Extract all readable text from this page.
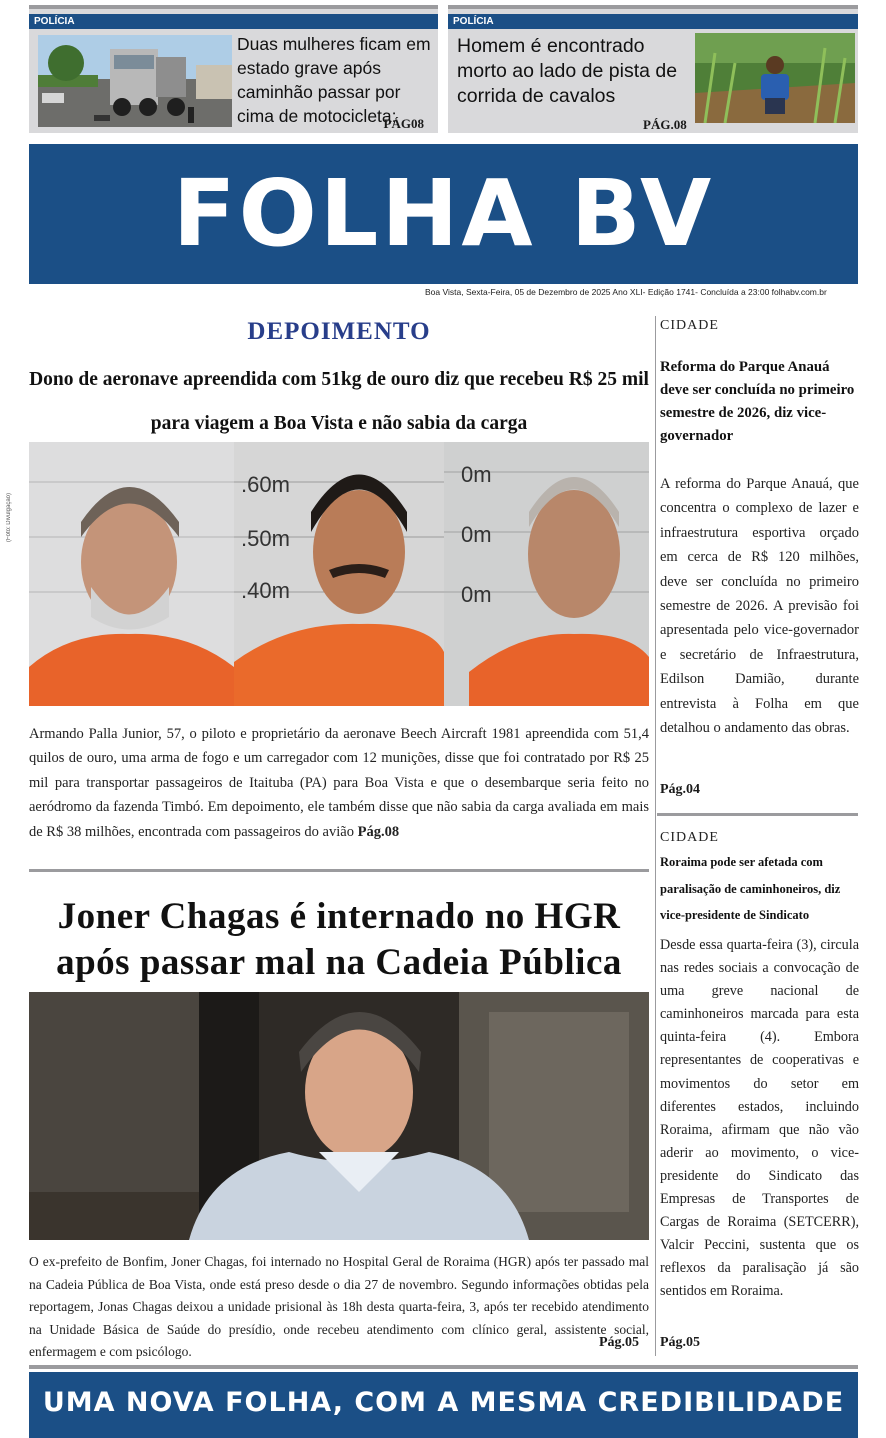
POLÍCIA
Duas mulheres ficam em estado grave após caminhão passar por cima de motocicleta;
PÁG08
POLÍCIA
Homem é encontrado morto ao lado de pista de corrida de cavalos
PÁG.08
FOLHA BV
Boa Vista, Sexta-Feira, 05 de Dezembro de 2025 Ano XLI- Edição 1741- Concluída a 23:00 folhabv.com.br
DEPOIMENTO
Dono de aeronave apreendida com 51kg de ouro diz que recebeu R$ 25 mil para viagem a Boa Vista e não sabia da carga
(Foto: Divulgação)
.60m
.50m
.40m
0m
0m
0m
Armando Palla Junior, 57, o piloto e proprietário da aeronave Beech Aircraft 1981 apreendida com 51,4 quilos de ouro, uma arma de fogo e um carregador com 12 munições, disse que foi contratado por R$ 25 mil para transportar passageiros de Itaituba (PA) para Boa Vista e que o desembarque seria feito no aeródromo da fazenda Timbó. Em depoimento, ele também disse que não sabia da carga avaliada em mais de R$ 38 milhões, encontrada com passageiros do avião Pág.08
Joner Chagas é internado no HGR após passar mal na Cadeia Pública
O ex-prefeito de Bonfim, Joner Chagas, foi internado no Hospital Geral de Roraima (HGR) após ter passado mal na Cadeia Pública de Boa Vista, onde está preso desde o dia 27 de novembro. Segundo informações obtidas pela reportagem, Jonas Chagas deixou a unidade prisional às 18h desta quarta-feira, 3, após ter recebido atendimento na Unidade Básica de Saúde do presídio, onde recebeu atendimento com clínico geral, assistente social, enfermagem e com psicólogo.
Pág.05
CIDADE
Reforma do Parque Anauá deve ser concluída no primeiro semestre de 2026, diz vice-governador
A reforma do Parque Anauá, que concentra o complexo de lazer e infraestrutura esportiva orçado em cerca de R$ 120 milhões, deve ser concluída no primeiro semestre de 2026. A previsão foi apresentada pelo vice-governador e secretário de Infraestrutura, Edilson Damião, durante entrevista à Folha em que detalhou o andamento das obras.
Pág.04
CIDADE
Roraima pode ser afetada com paralisação de caminhoneiros, diz vice-presidente de Sindicato
Desde essa quarta-feira (3), circula nas redes sociais a convocação de uma greve nacional de caminhoneiros marcada para esta quinta-feira (4). Embora representantes de cooperativas e movimentos do setor em diferentes estados, incluindo Roraima, afirmam que não vão aderir ao movimento, o vice-presidente do Sindicato das Empresas de Transportes de Cargas de Roraima (SETCERR), Valcir Peccini, sustenta que os reflexos da paralisação já são sentidos em Roraima.
Pág.05
UMA NOVA FOLHA, COM A MESMA CREDIBILIDADE
